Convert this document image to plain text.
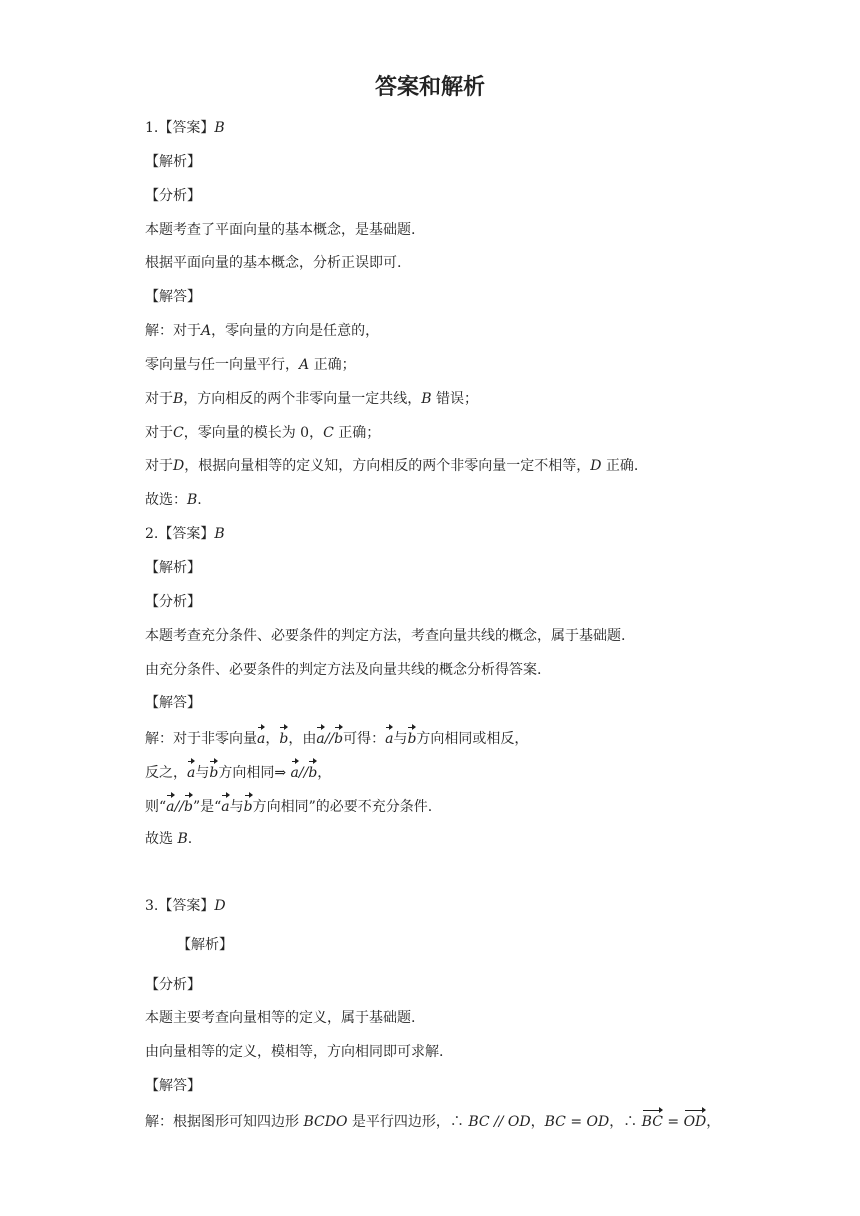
答案和解析
1.【答案】B
【解析】
【分析】
本题考查了平面向量的基本概念，是基础题.
根据平面向量的基本概念，分析正误即可.
【解答】
解：对于A，零向量的方向是任意的，
零向量与任一向量平行，A 正确；
对于B，方向相反的两个非零向量一定共线，B 错误；
对于C，零向量的模长为 0，C 正确；
对于D，根据向量相等的定义知，方向相反的两个非零向量一定不相等，D 正确.
故选：B.
2.【答案】B
【解析】
【分析】
本题考查充分条件、必要条件的判定方法，考查向量共线的概念，属于基础题.
由充分条件、必要条件的判定方法及向量共线的概念分析得答案.
【解答】
解：对于非零向量a，b，由a//b可得：a与b方向相同或相反，
反之，a与b方向相同⇒ a//b，
则“a//b”是“a与b方向相同”的必要不充分条件.
故选 B.
3.【答案】D
【解析】
【分析】
本题主要考查向量相等的定义，属于基础题.
由向量相等的定义，模相等，方向相同即可求解.
【解答】
解：根据图形可知四边形 BCDO 是平行四边形，∴ BC // OD，BC = OD，∴ BC = OD，
